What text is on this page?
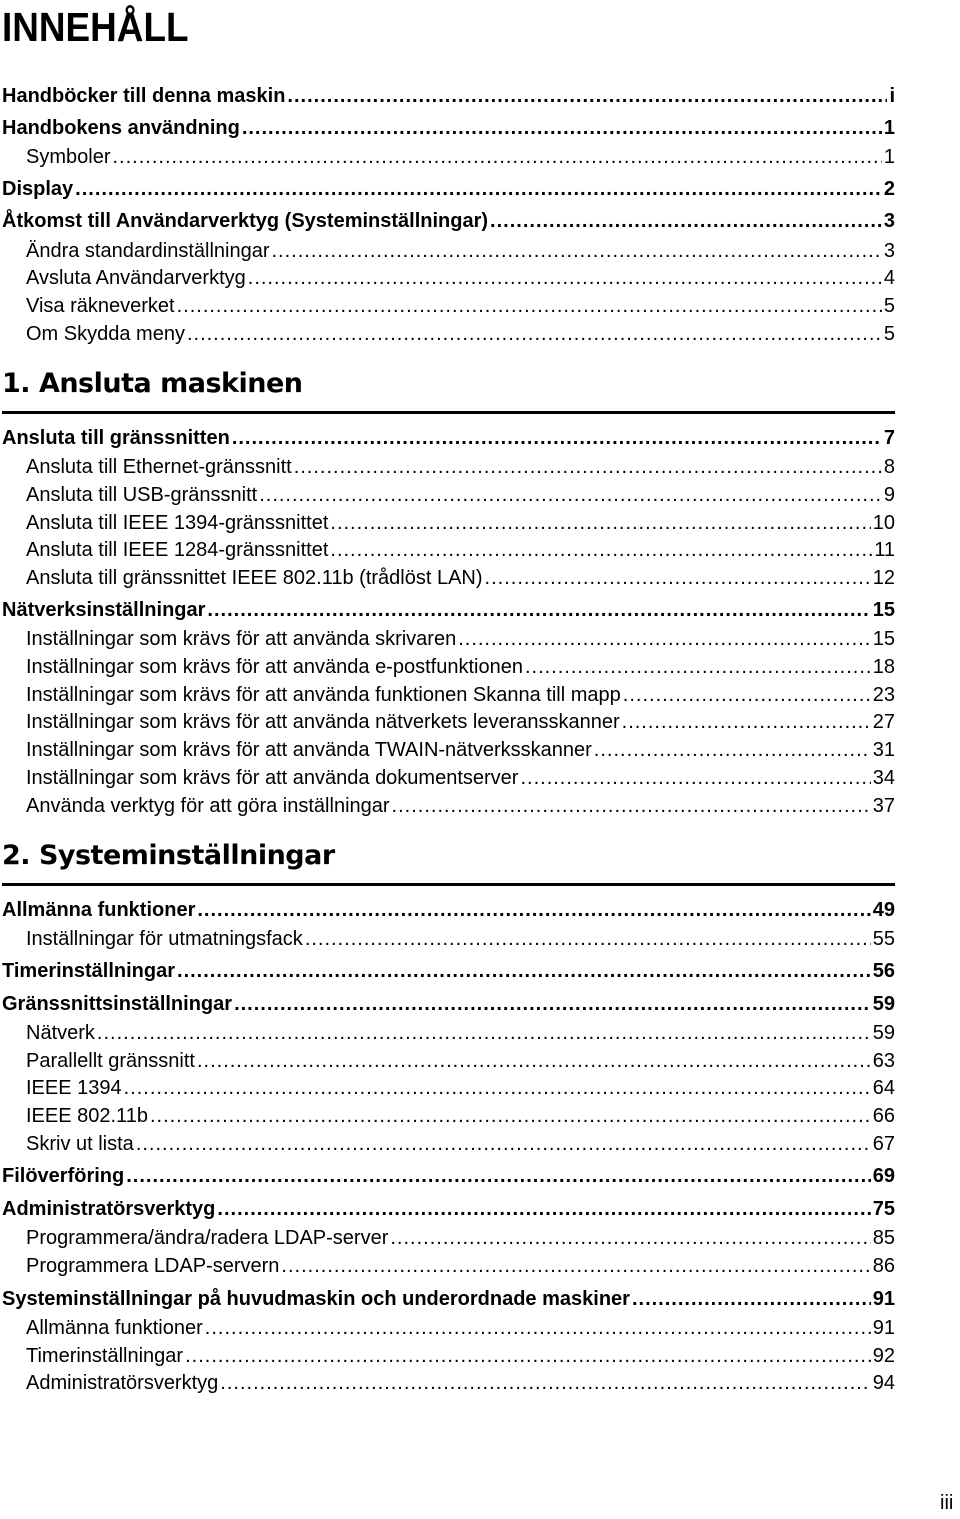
INNEHÅLL
Handböcker till denna maskin .....	i
Handbokens användning .....	1
Symboler .....	1
Display .....	2
Åtkomst till Användarverktyg (Systeminställningar) .....	3
Ändra standardinställningar .....	3
Avsluta Användarverktyg .....	4
Visa räkneverket .....	5
Om Skydda meny .....	5
1. Ansluta maskinen
Ansluta till gränssnitten .....	7
Ansluta till Ethernet-gränssnitt .....	8
Ansluta till USB-gränssnitt .....	9
Ansluta till IEEE 1394-gränssnittet .....	10
Ansluta till IEEE 1284-gränssnittet .....	11
Ansluta till gränssnittet IEEE 802.11b (trådlöst LAN) .....	12
Nätverksinställningar .....	15
Inställningar som krävs för att använda skrivaren .....	15
Inställningar som krävs för att använda e-postfunktionen .....	18
Inställningar som krävs för att använda funktionen Skanna till mapp .....	23
Inställningar som krävs för att använda nätverkets leveransskanner .....	27
Inställningar som krävs för att använda TWAIN-nätverksskanner .....	31
Inställningar som krävs för att använda dokumentserver .....	34
Använda verktyg för att göra inställningar .....	37
2. Systeminställningar
Allmänna funktioner .....	49
Inställningar för utmatningsfack .....	55
Timerinställningar .....	56
Gränssnittsinställningar .....	59
Nätverk .....	59
Parallellt gränssnitt .....	63
IEEE 1394 .....	64
IEEE 802.11b .....	66
Skriv ut lista .....	67
Filöverföring .....	69
Administratörsverktyg .....	75
Programmera/ändra/radera LDAP-server .....	85
Programmera LDAP-servern .....	86
Systeminställningar på huvudmaskin och underordnade maskiner .....	91
Allmänna funktioner .....	91
Timerinställningar .....	92
Administratörsverktyg .....	94
iii
